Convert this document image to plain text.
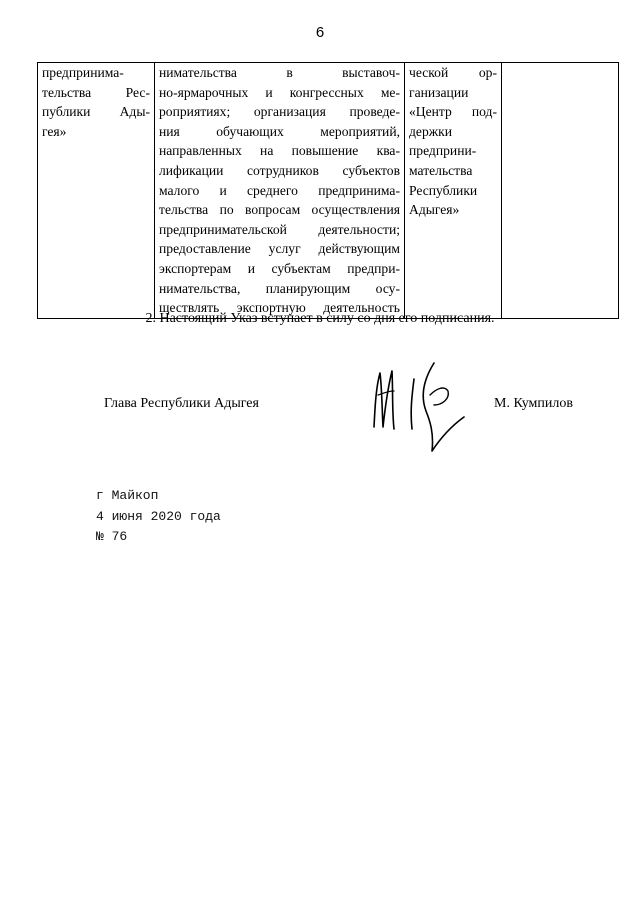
6
предпринима-
тельства Рес-
публики Ады-
гея»

нимательства в выставоч-
но-ярмарочных и конгрессных ме-
роприятиях; организация проведе-
ния обучающих мероприятий,
направленных на повышение ква-
лификации сотрудников субъектов
малого и среднего предпринима-
тельства по вопросам осуществления
предпринимательской деятельности;
предоставление услуг действующим
экспортерам и субъектам предпри-
нимательства, планирующим осу-
ществлять экспортную деятельность

ческой ор-
ганизации
«Центр под-
держки
предприни-
мательства
Республики
Адыгея»

2. Настоящий Указ вступает в силу со дня его подписания.
Глава Республики Адыгея	М. Кумпилов
г Майкоп
4 июня 2020 года
№ 76
